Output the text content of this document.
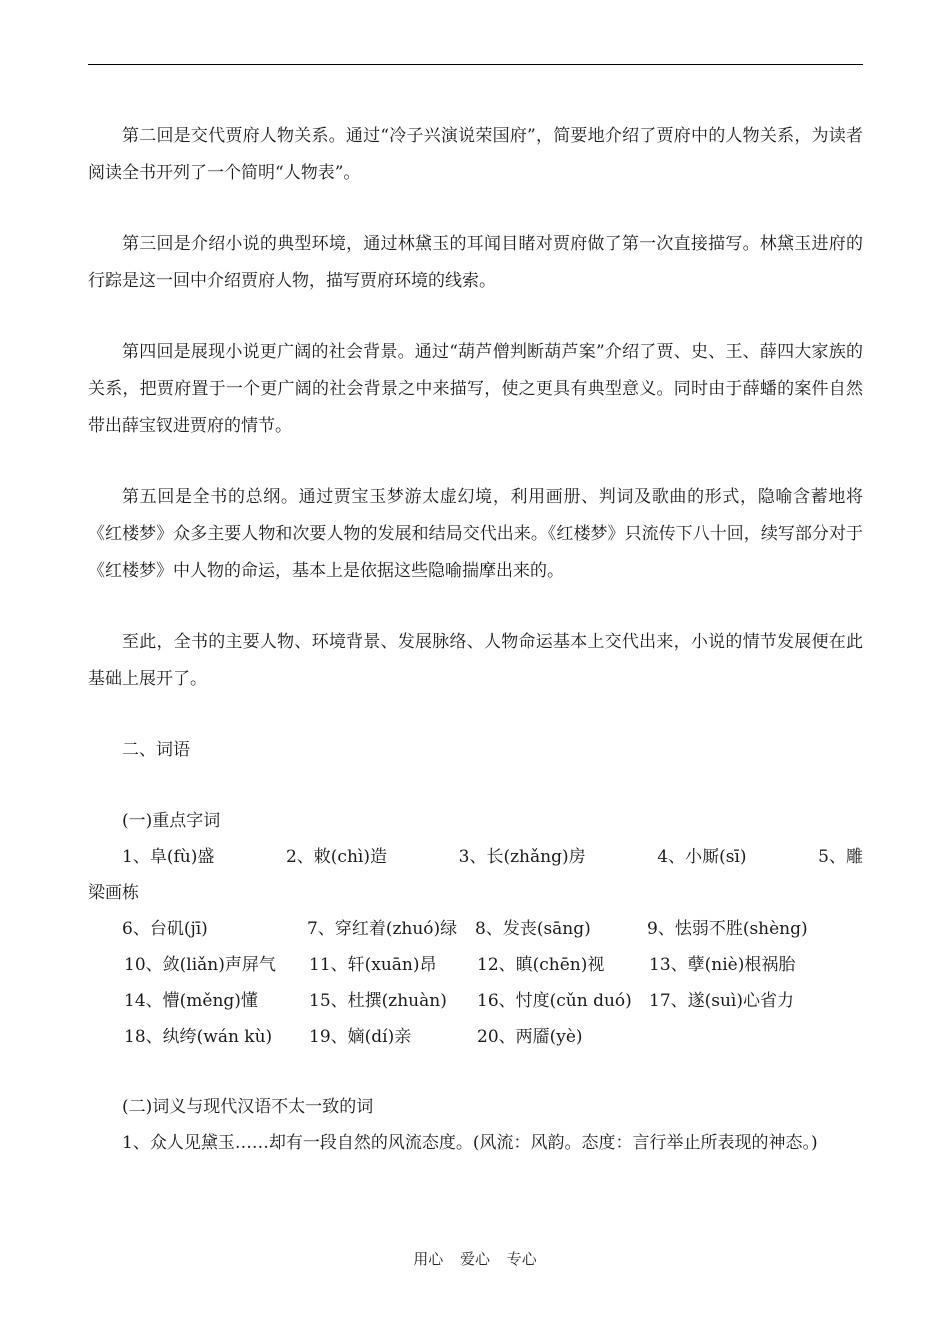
第二回是交代贾府人物关系。通过“冷子兴演说荣国府”，简要地介绍了贾府中的人物关系，为读者阅读全书开列了一个简明“人物表”。

第三回是介绍小说的典型环境，通过林黛玉的耳闻目睹对贾府做了第一次直接描写。林黛玉进府的行踪是这一回中介绍贾府人物，描写贾府环境的线索。

第四回是展现小说更广阔的社会背景。通过“葫芦僧判断葫芦案”介绍了贾、史、王、薛四大家族的关系，把贾府置于一个更广阔的社会背景之中来描写，使之更具有典型意义。同时由于薛蟠的案件自然带出薛宝钗进贾府的情节。

第五回是全书的总纲。通过贾宝玉梦游太虚幻境，利用画册、判词及歌曲的形式，隐喻含蓄地将《红楼梦》众多主要人物和次要人物的发展和结局交代出来。《红楼梦》只流传下八十回，续写部分对于《红楼梦》中人物的命运，基本上是依据这些隐喻揣摩出来的。

至此，全书的主要人物、环境背景、发展脉络、人物命运基本上交代出来，小说的情节发展便在此基础上展开了。

二、词语

(一)重点字词

1、阜(fù)盛	2、敕(chì)造	3、长(zhǎng)房	4、小厮(sī)	5、雕
梁画栋
6、台矶(jī)	7、穿红着(zhuó)绿	8、发丧(sāng)	9、怯弱不胜(shèng)
10、敛(liǎn)声屏气	11、轩(xuān)昂	12、瞋(chēn)视	13、孽(niè)根祸胎
14、懵(měng)懂	15、杜撰(zhuàn)	16、忖度(cǔn duó)	17、遂(suì)心省力
18、纨绔(wán kù)	19、嫡(dí)亲	20、两靥(yè)

(二)词义与现代汉语不太一致的词

1、众人见黛玉……却有一段自然的风流态度。(风流：风韵。态度：言行举止所表现的神态。)

用心 爱心 专心
